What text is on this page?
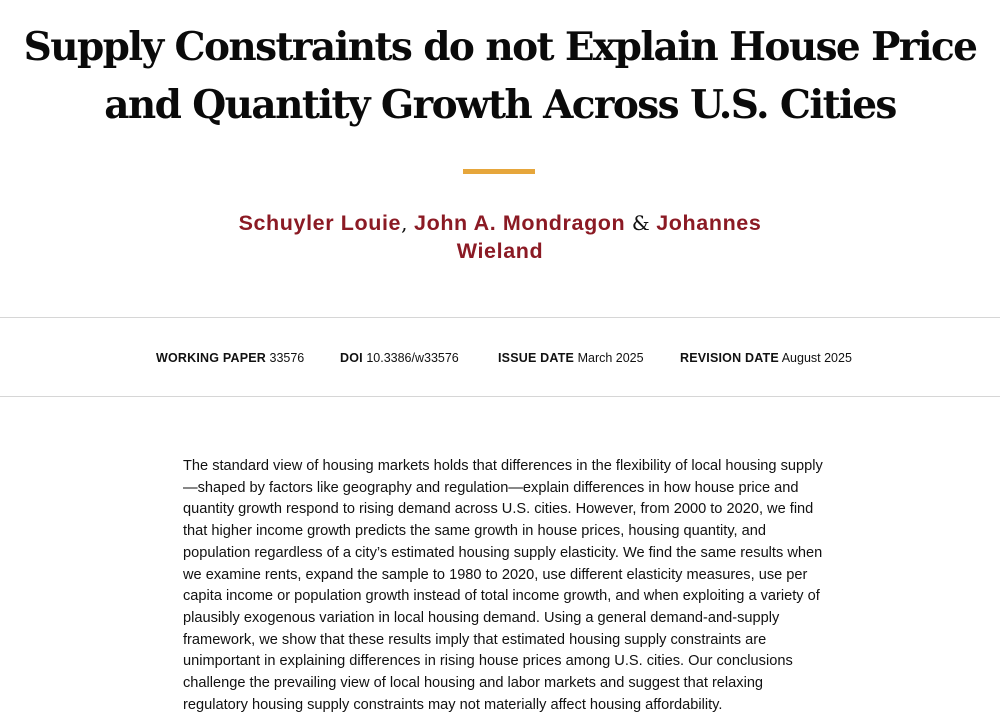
Supply Constraints do not Explain House Price and Quantity Growth Across U.S. Cities
Schuyler Louie, John A. Mondragon & Johannes Wieland
WORKING PAPER 33576	DOI 10.3386/w33576	ISSUE DATE March 2025	REVISION DATE August 2025

The standard view of housing markets holds that differences in the flexibility of local housing supply—shaped by factors like geography and regulation—explain differences in how house price and quantity growth respond to rising demand across U.S. cities. However, from 2000 to 2020, we find that higher income growth predicts the same growth in house prices, housing quantity, and population regardless of a city’s estimated housing supply elasticity. We find the same results when we examine rents, expand the sample to 1980 to 2020, use different elasticity measures, use per capita income or population growth instead of total income growth, and when exploiting a variety of plausibly exogenous variation in local housing demand. Using a general demand-and-supply framework, we show that these results imply that estimated housing supply constraints are unimportant in explaining differences in rising house prices among U.S. cities. Our conclusions challenge the prevailing view of local housing and labor markets and suggest that relaxing regulatory housing supply constraints may not materially affect housing affordability.
